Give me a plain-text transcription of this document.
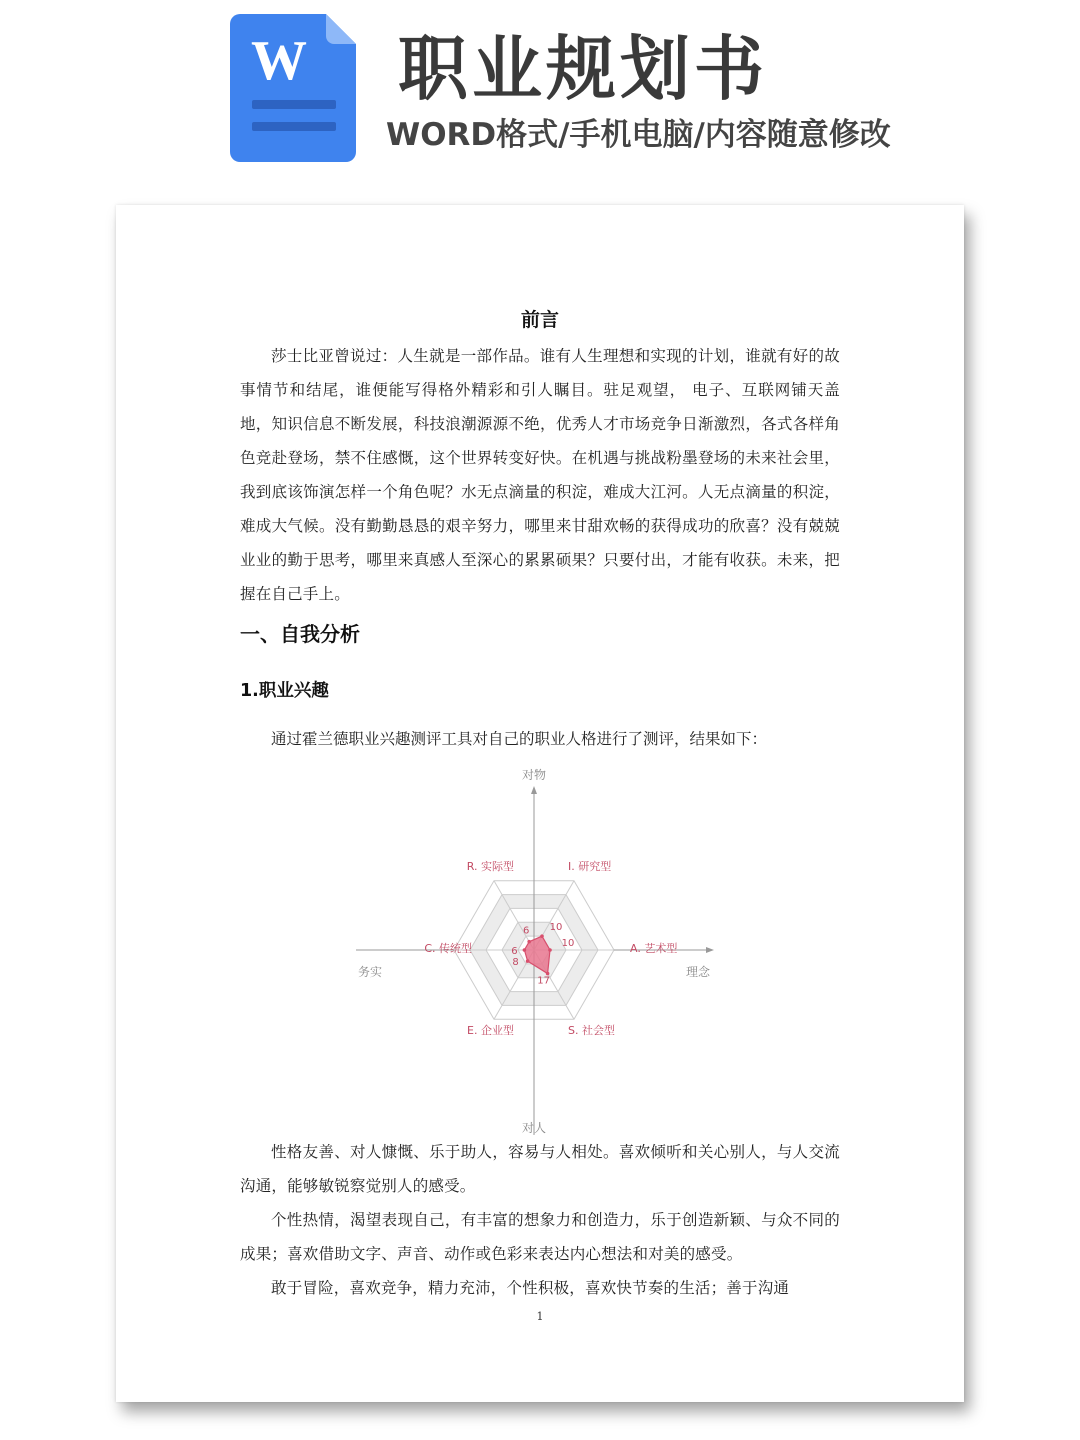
W 职业规划书
WORD格式/手机电脑/内容随意修改
前言

莎士比亚曾说过：人生就是一部作品。谁有人生理想和实现的计划，谁就有好的故事情节和结尾，谁便能写得格外精彩和引人瞩目。驻足观望， 电子、互联网铺天盖地，知识信息不断发展，科技浪潮源源不绝，优秀人才市场竞争日渐激烈，各式各样角色竞赴登场，禁不住感慨，这个世界转变好快。在机遇与挑战粉墨登场的未来社会里，我到底该饰演怎样一个角色呢？水无点滴量的积淀，难成大江河。人无点滴量的积淀，难成大气候。没有勤勤恳恳的艰辛努力，哪里来甘甜欢畅的获得成功的欣喜？没有兢兢业业的勤于思考，哪里来真感人至深心的累累硕果？只要付出，才能有收获。未来，把握在自己手上。

一、自我分析
1.职业兴趣
通过霍兰德职业兴趣测评工具对自己的职业人格进行了测评，结果如下：

性格友善、对人慷慨、乐于助人，容易与人相处。喜欢倾听和关心别人，与人交流沟通，能够敏锐察觉别人的感受。

个性热情，渴望表现自己，有丰富的想象力和创造力，乐于创造新颖、与众不同的成果；喜欢借助文字、声音、动作或色彩来表达内心想法和对美的感受。

敢于冒险，喜欢竞争，精力充沛，个性积极，喜欢快节奏的生活；善于沟通

6 10
10
17
8
6
R. 实际型	I. 研究型
A. 艺术型
S. 社会型
E. 企业型
C. 传统型
对物
对人
务实	理念
1
